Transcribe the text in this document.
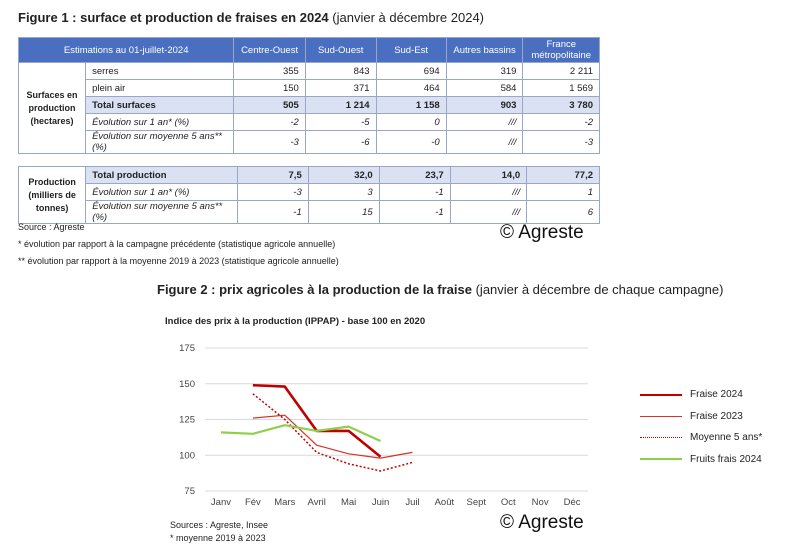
Figure 1 : surface et production de fraises en 2024 (janvier à décembre 2024)
Estimations au 01-juillet-2024		Centre-Ouest	Sud-Ouest	Sud-Est	Autres bassins	France métropolitaine
Surfaces en production (hectares)	serres	355	843	694	319	2 211
	plein air	150	371	464	584	1 569
	Total surfaces	505	1 214	1 158	903	3 780
	Évolution sur 1 an* (%)	-2	-5	0	///	-2
	Évolution sur moyenne 5 ans** (%)	-3	-6	-0	///	-3
Production (milliers de tonnes)	Total production	7,5	32,0	23,7	14,0	77,2
	Évolution sur 1 an* (%)	-3	3	-1	///	1
	Évolution sur moyenne 5 ans** (%)	-1	15	-1	///	6
Source : Agreste
* évolution par rapport à la campagne précédente (statistique agricole annuelle)
** évolution par rapport à la moyenne 2019 à 2023 (statistique agricole annuelle)
© Agreste
Figure 2 : prix agricoles à la production de la fraise (janvier à décembre de chaque campagne)
Indice des prix à la production (IPPAP) - base 100 en 2020
75
100
125
150
175
Janv Fév Mars Avril Mai Juin Juil Août Sept Oct Nov Déc
Fraise 2024
Fraise 2023
Moyenne 5 ans*
Fruits frais 2024
Sources : Agreste, Insee
* moyenne 2019 à 2023
© Agreste
